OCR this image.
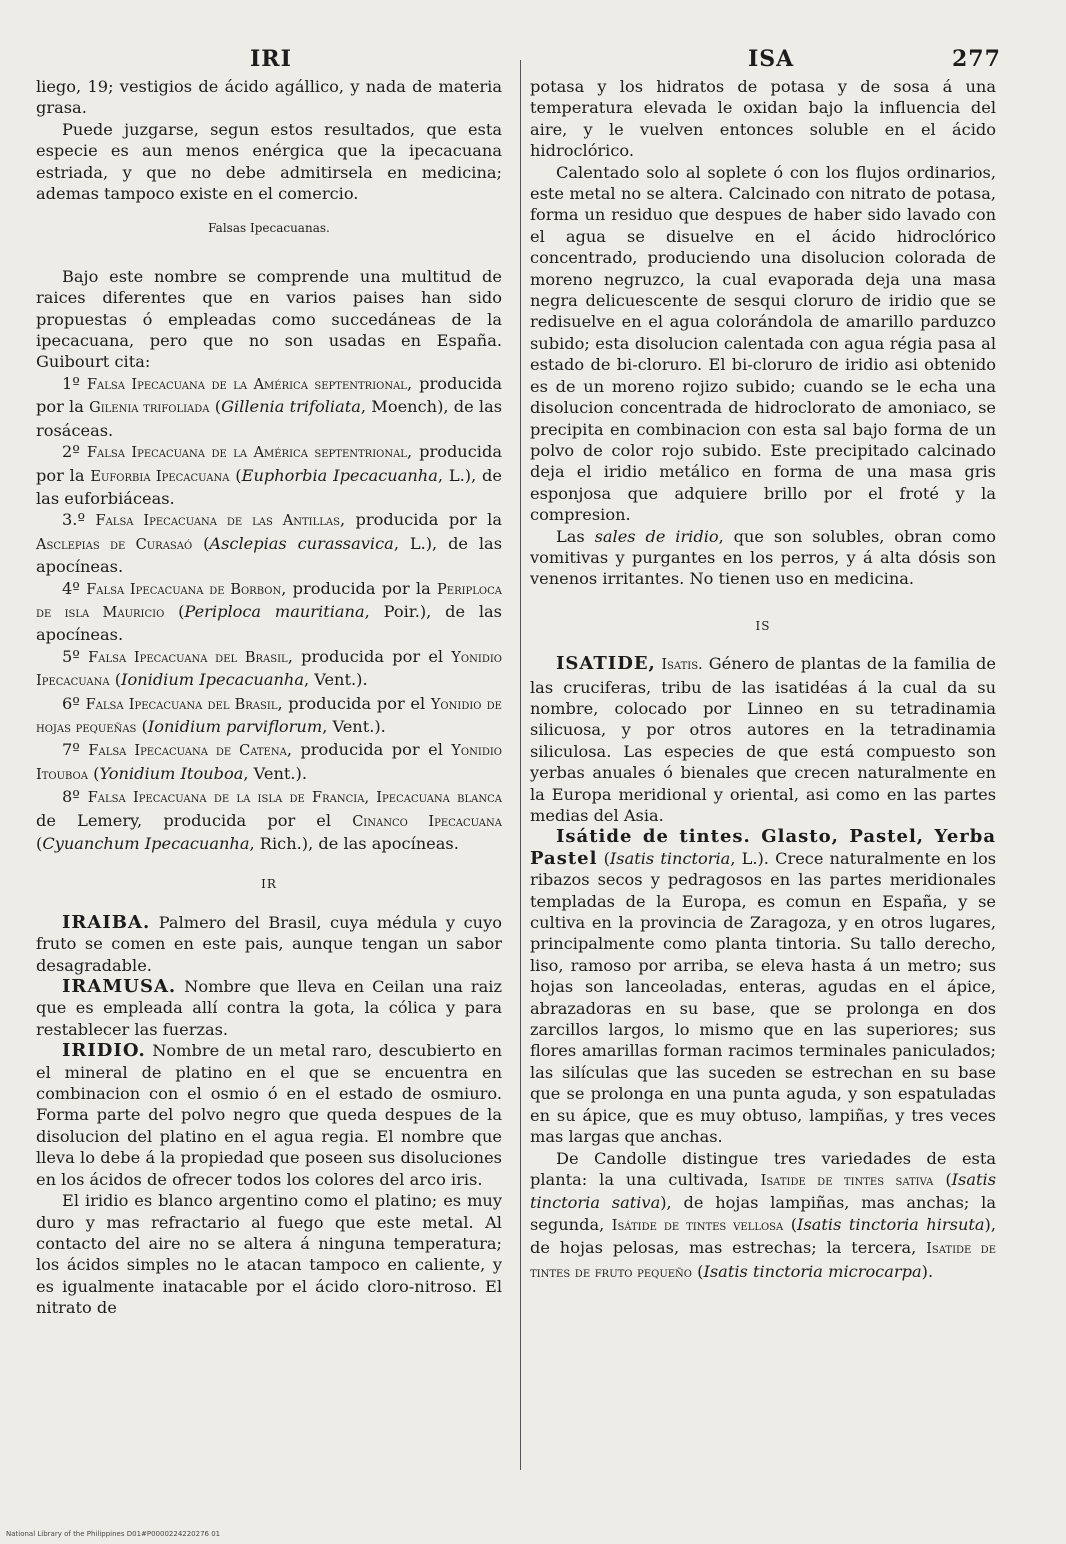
IRI	ISA	277

liego, 19; vestigios de ácido agállico, y nada de materia grasa.

Puede juzgarse, segun estos resultados, que esta especie es aun menos enérgica que la ipecacuana estriada, y que no debe admitirsela en medicina; ademas tampoco existe en el comercio.

Falsas Ipecacuanas.

Bajo este nombre se comprende una multitud de raices diferentes que en varios paises han sido propuestas ó empleadas como succedáneas de la ipecacuana, pero que no son usadas en España. Guibourt cita:

1º Falsa Ipecacuana de la América septentrional, producida por la Gilenia trifoliada (Gillenia trifoliata, Moench), de las rosáceas.

2º Falsa Ipecacuana de la América septentrional, producida por la Euforbia Ipecacuana (Euphorbia Ipecacuanha, L.), de las euforbiáceas.

3.º Falsa Ipecacuana de las Antillas, producida por la Asclepias de Curasaó (Asclepias curassavica, L.), de las apocíneas.

4º Falsa Ipecacuana de Borbon, producida por la Periploca de isla Mauricio (Periploca mauritiana, Poir.), de las apocíneas.

5º Falsa Ipecacuana del Brasil, producida por el Yonidio Ipecacuana (Ionidium Ipecacuanha, Vent.).

6º Falsa Ipecacuana del Brasil, producida por el Yonidio de hojas pequeñas (Ionidium parviflorum, Vent.).

7º Falsa Ipecacuana de Catena, producida por el Yonidio Itouboa (Yonidium Itouboa, Vent.).

8º Falsa Ipecacuana de la isla de Francia, Ipecacuana blanca de Lemery, producida por el Cinanco Ipecacuana (Cyuanchum Ipecacuanha, Rich.), de las apocíneas.

IR

IRAIBA. Palmero del Brasil, cuya médula y cuyo fruto se comen en este pais, aunque tengan un sabor desagradable.

IRAMUSA. Nombre que lleva en Ceilan una raiz que es empleada allí contra la gota, la cólica y para restablecer las fuerzas.

IRIDIO. Nombre de un metal raro, descubierto en el mineral de platino en el que se encuentra en combinacion con el osmio ó en el estado de osmiuro. Forma parte del polvo negro que queda despues de la disolucion del platino en el agua regia. El nombre que lleva lo debe á la propiedad que poseen sus disoluciones en los ácidos de ofrecer todos los colores del arco iris.

El iridio es blanco argentino como el platino; es muy duro y mas refractario al fuego que este metal. Al contacto del aire no se altera á ninguna temperatura; los ácidos simples no le atacan tampoco en caliente, y es igualmente inatacable por el ácido cloro-nitroso. El nitrato de

potasa y los hidratos de potasa y de sosa á una temperatura elevada le oxidan bajo la influencia del aire, y le vuelven entonces soluble en el ácido hidroclórico.

Calentado solo al soplete ó con los flujos ordinarios, este metal no se altera. Calcinado con nitrato de potasa, forma un residuo que despues de haber sido lavado con el agua se disuelve en el ácido hidroclórico concentrado, produciendo una disolucion colorada de moreno negruzco, la cual evaporada deja una masa negra delicuescente de sesqui cloruro de iridio que se redisuelve en el agua colorándola de amarillo parduzco subido; esta disolucion calentada con agua régia pasa al estado de bi-cloruro. El bi-cloruro de iridio asi obtenido es de un moreno rojizo subido; cuando se le echa una disolucion concentrada de hidroclorato de amoniaco, se precipita en combinacion con esta sal bajo forma de un polvo de color rojo subido. Este precipitado calcinado deja el iridio metálico en forma de una masa gris esponjosa que adquiere brillo por el froté y la compresion.

Las sales de iridio, que son solubles, obran como vomitivas y purgantes en los perros, y á alta dósis son venenos irritantes. No tienen uso en medicina.

IS

ISATIDE, Isatis. Género de plantas de la familia de las cruciferas, tribu de las isatidéas á la cual da su nombre, colocado por Linneo en su tetradinamia silicuosa, y por otros autores en la tetradinamia siliculosa. Las especies de que está compuesto son yerbas anuales ó bienales que crecen naturalmente en la Europa meridional y oriental, asi como en las partes medias del Asia.

Isátide de tintes. Glasto, Pastel, Yerba Pastel (Isatis tinctoria, L.). Crece naturalmente en los ribazos secos y pedragosos en las partes meridionales templadas de la Europa, es comun en España, y se cultiva en la provincia de Zaragoza, y en otros lugares, principalmente como planta tintoria. Su tallo derecho, liso, ramoso por arriba, se eleva hasta á un metro; sus hojas son lanceoladas, enteras, agudas en el ápice, abrazadoras en su base, que se prolonga en dos zarcillos largos, lo mismo que en las superiores; sus flores amarillas forman racimos terminales paniculados; las silículas que las suceden se estrechan en su base que se prolonga en una punta aguda, y son espatuladas en su ápice, que es muy obtuso, lampiñas, y tres veces mas largas que anchas.

De Candolle distingue tres variedades de esta planta: la una cultivada, Isatide de tintes sativa (Isatis tinctoria sativa), de hojas lampiñas, mas anchas; la segunda, Isátide de tintes vellosa (Isatis tinctoria hirsuta), de hojas pelosas, mas estrechas; la tercera, Isatide de tintes de fruto pequeño (Isatis tinctoria microcarpa).

National Library of the Philippines D01#P0000224220276 01
